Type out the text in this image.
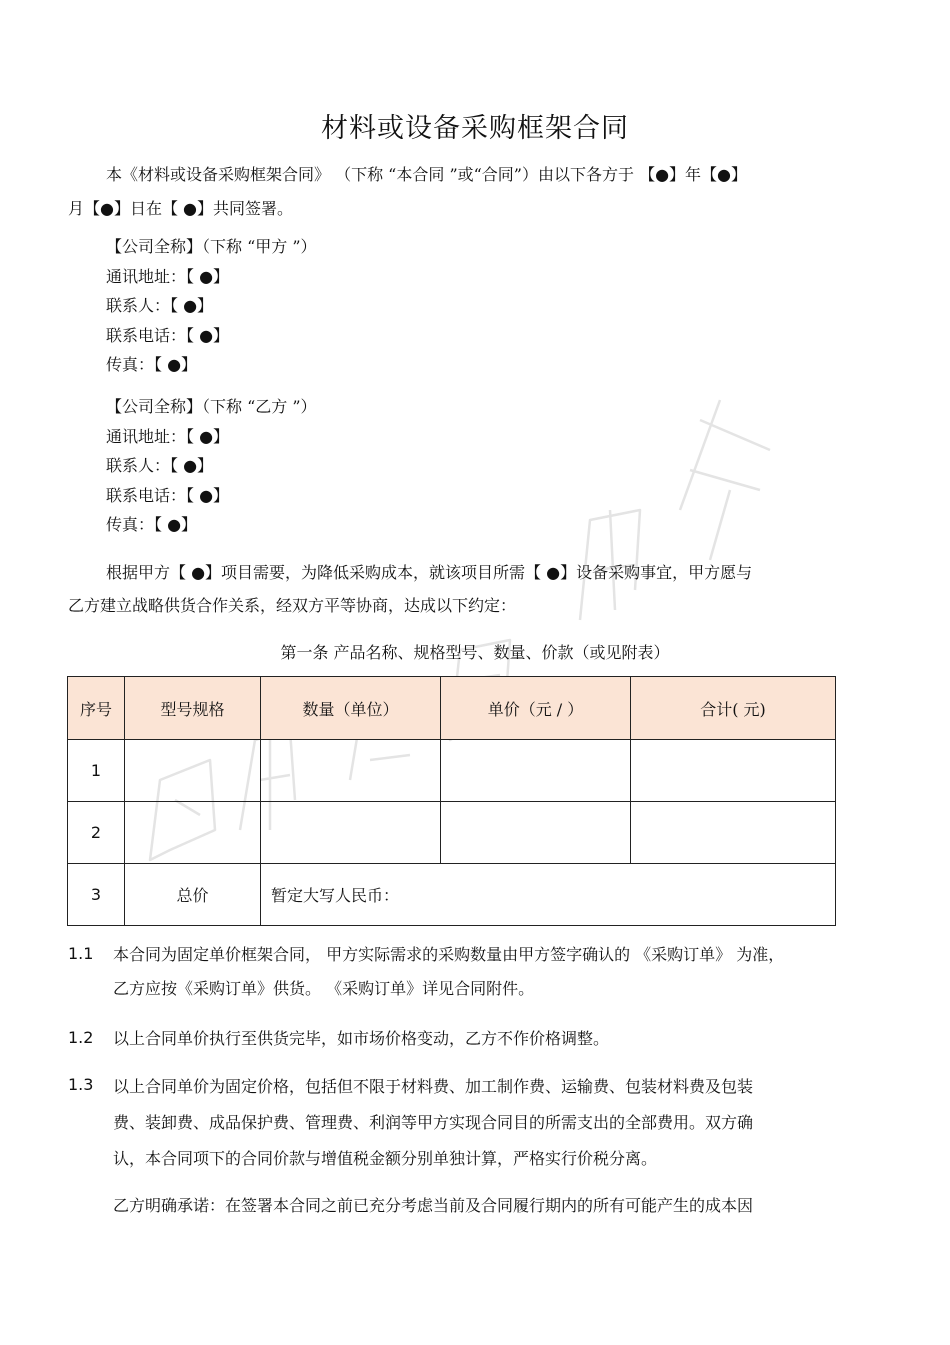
材料或设备采购框架合同
本《材料或设备采购框架合同》 （下称 “本合同 ”或“合同”）由以下各方于 【●】年【●】
月【●】日在【 ●】共同签署。
【公司全称】（下称 “甲方 ”）
通讯地址：【 ●】
联系人：【 ●】
联系电话：【 ●】
传真：【 ●】
【公司全称】（下称 “乙方 ”）
通讯地址：【 ●】
联系人：【 ●】
联系电话：【 ●】
传真：【 ●】
根据甲方【 ●】项目需要，为降低采购成本，就该项目所需【 ●】设备采购事宜，甲方愿与
乙方建立战略供货合作关系，经双方平等协商，达成以下约定：
第一条 产品名称、规格型号、数量、价款（或见附表）
序号	型号规格	数量（单位）	单价（元 / ）	合计( 元)
1				
2				
3	总价	暂定大写人民币：		
1.1	本合同为固定单价框架合同， 甲方实际需求的采购数量由甲方签字确认的 《采购订单》 为准，

乙方应按《采购订单》供货。 《采购订单》详见合同附件。

1.2	以上合同单价执行至供货完毕，如市场价格变动，乙方不作价格调整。

1.3	以上合同单价为固定价格，包括但不限于材料费、加工制作费、运输费、包装材料费及包装

费、装卸费、成品保护费、管理费、利润等甲方实现合同目的所需支出的全部费用。双方确

认，本合同项下的合同价款与增值税金额分别单独计算，严格实行价税分离。

乙方明确承诺：在签署本合同之前已充分考虑当前及合同履行期内的所有可能产生的成本因
